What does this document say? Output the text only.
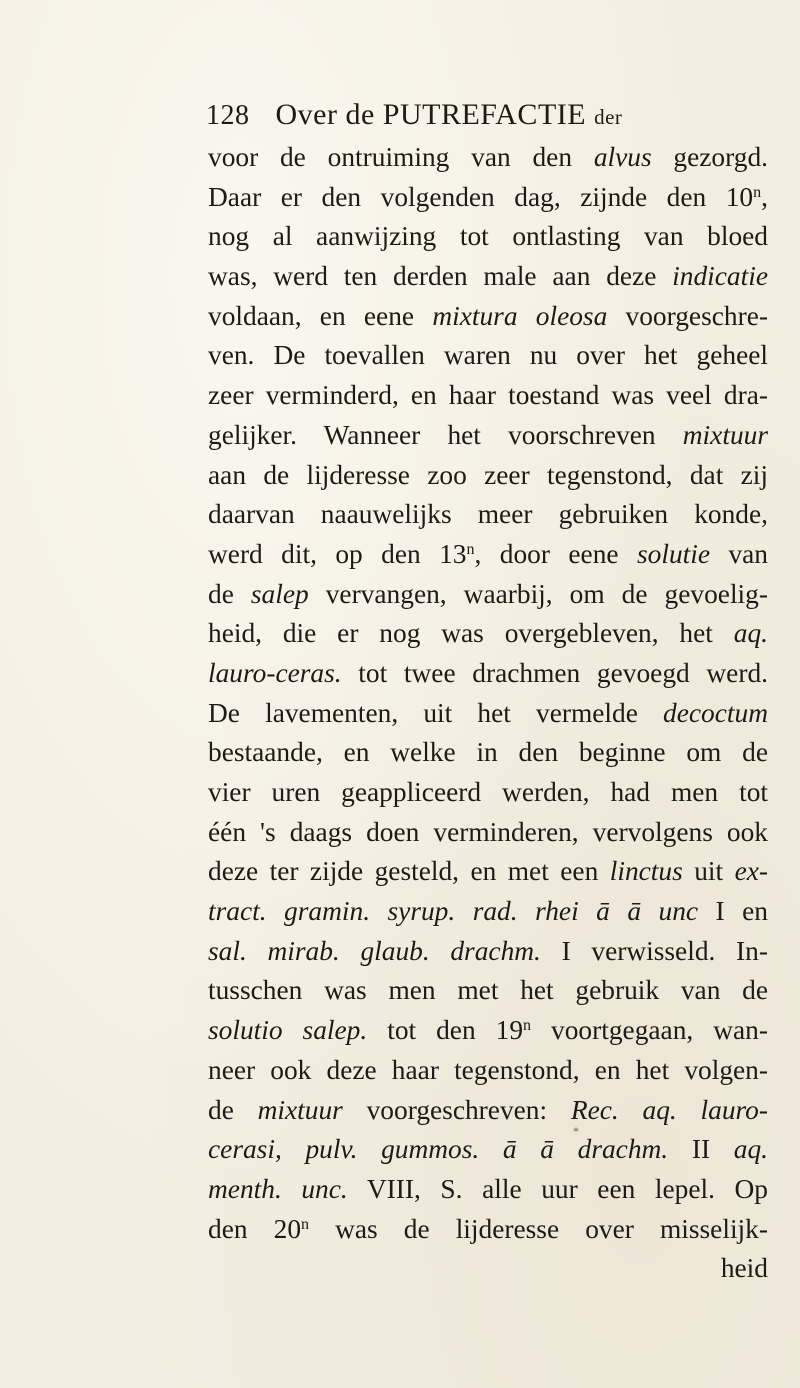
128 Over de PUTREFACTIE der
voor de ontruiming van den alvus gezorgd.
Daar er den volgenden dag, zijnde den 10$^n$,
nog al aanwijzing tot ontlasting van bloed
was, werd ten derden male aan deze indicatie
voldaan, en eene mixtura oleosa voorgeschre-
ven. De toevallen waren nu over het geheel
zeer verminderd, en haar toestand was veel dra-
gelijker. Wanneer het voorschreven mixtuur
aan de lijderesse zoo zeer tegenstond, dat zij
daarvan naauwelijks meer gebruiken konde,
werd dit, op den 13$^n$, door eene solutie van
de salep vervangen, waarbij, om de gevoelig-
heid, die er nog was overgebleven, het aq.
lauro-ceras. tot twee drachmen gevoegd werd.
De lavementen, uit het vermelde decoctum
bestaande, en welke in den beginne om de
vier uren geappliceerd werden, had men tot
één 's daags doen verminderen, vervolgens ook
deze ter zijde gesteld, en met een linctus uit ex-
tract. gramin. syrup. rad. rhei ā ā unc I en
sal. mirab. glaub. drachm. I verwisseld. In-
tusschen was men met het gebruik van de
solutio salep. tot den 19$^n$ voortgegaan, wan-
neer ook deze haar tegenstond, en het volgen-
de mixtuur voorgeschreven: Rec. aq. lauro-
cerasi, pulv. gummos. ā ā drachm. II aq.
menth. unc. VIII, S. alle uur een lepel. Op
den 20$^n$ was de lijderesse over misselijk-
heid
*
